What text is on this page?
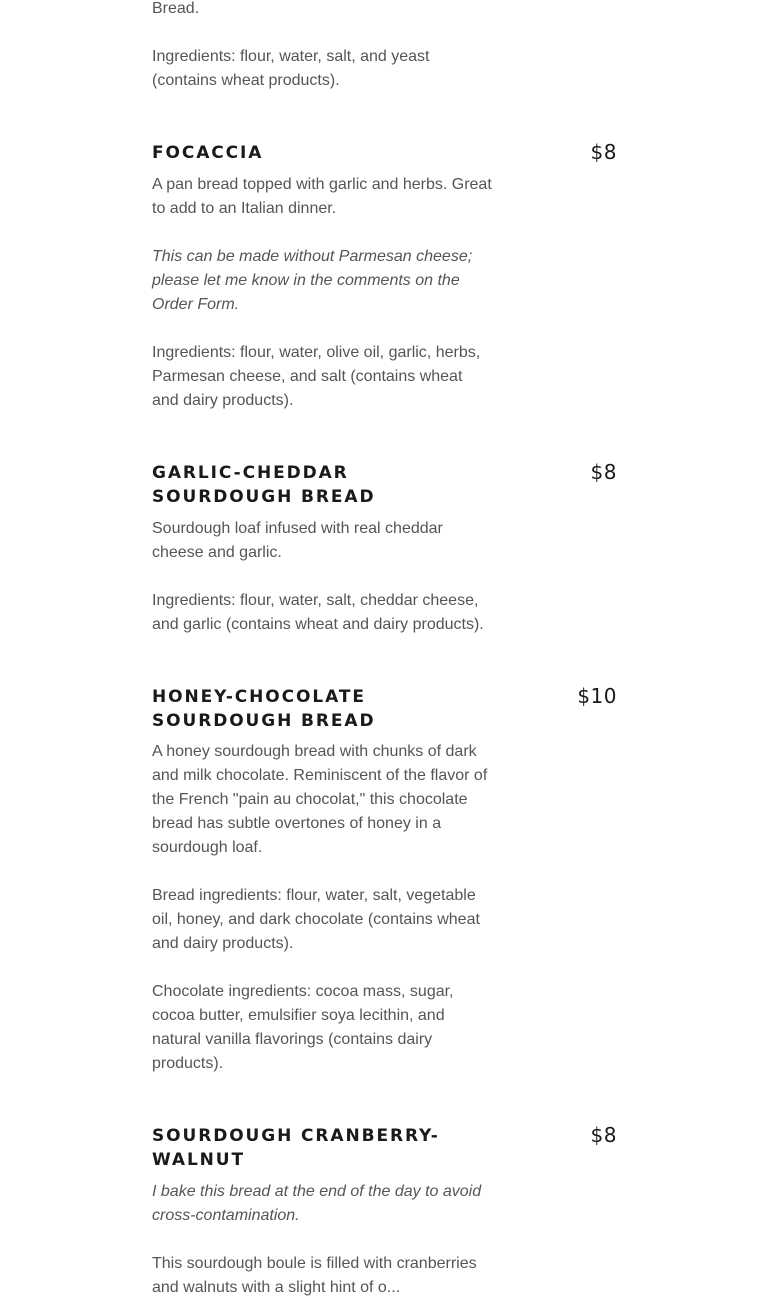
Bread.

Ingredients: flour, water, salt, and yeast (contains wheat products).

FOCACCIA	$8

A pan bread topped with garlic and herbs. Great to add to an Italian dinner.

This can be made without Parmesan cheese; please let me know in the comments on the Order Form.

Ingredients: flour, water, olive oil, garlic, herbs, Parmesan cheese, and salt (contains wheat and dairy products).

GARLIC-CHEDDAR SOURDOUGH BREAD
$8

Sourdough loaf infused with real cheddar cheese and garlic.

Ingredients: flour, water, salt, cheddar cheese, and garlic (contains wheat and dairy products).

HONEY-CHOCOLATE SOURDOUGH BREAD
$10

A honey sourdough bread with chunks of dark and milk chocolate. Reminiscent of the flavor of the French "pain au chocolat," this chocolate bread has subtle overtones of honey in a sourdough loaf.

Bread ingredients: flour, water, salt, vegetable oil, honey, and dark chocolate (contains wheat and dairy products).

Chocolate ingredients: cocoa mass, sugar, cocoa butter, emulsifier soya lecithin, and natural vanilla flavorings (contains dairy products).

SOURDOUGH CRANBERRY-WALNUT
$8

I bake this bread at the end of the day to avoid cross-contamination.

This sourdough boule is filled with cranberries and walnuts with a slight hint of o...
